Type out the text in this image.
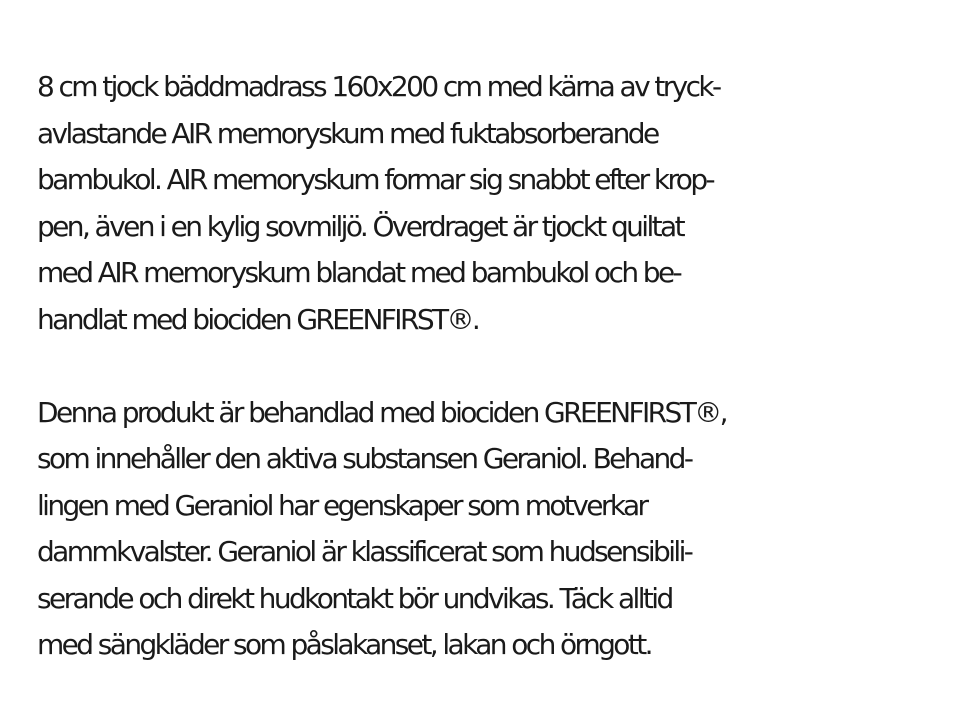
8 cm tjock bäddmadrass 160x200 cm med kärna av tryck-
avlastande AIR memoryskum med fuktabsorberande
bambukol. AIR memoryskum formar sig snabbt efter krop-
pen, även i en kylig sovmiljö. Överdraget är tjockt quiltat
med AIR memoryskum blandat med bambukol och be-
handlat med biociden GREENFIRST®.

Denna produkt är behandlad med biociden GREENFIRST®,
som innehåller den aktiva substansen Geraniol. Behand-
lingen med Geraniol har egenskaper som motverkar
dammkvalster. Geraniol är klassificerat som hudsensibili-
serande och direkt hudkontakt bör undvikas. Täck alltid
med sängkläder som påslakanset, lakan och örngott.
